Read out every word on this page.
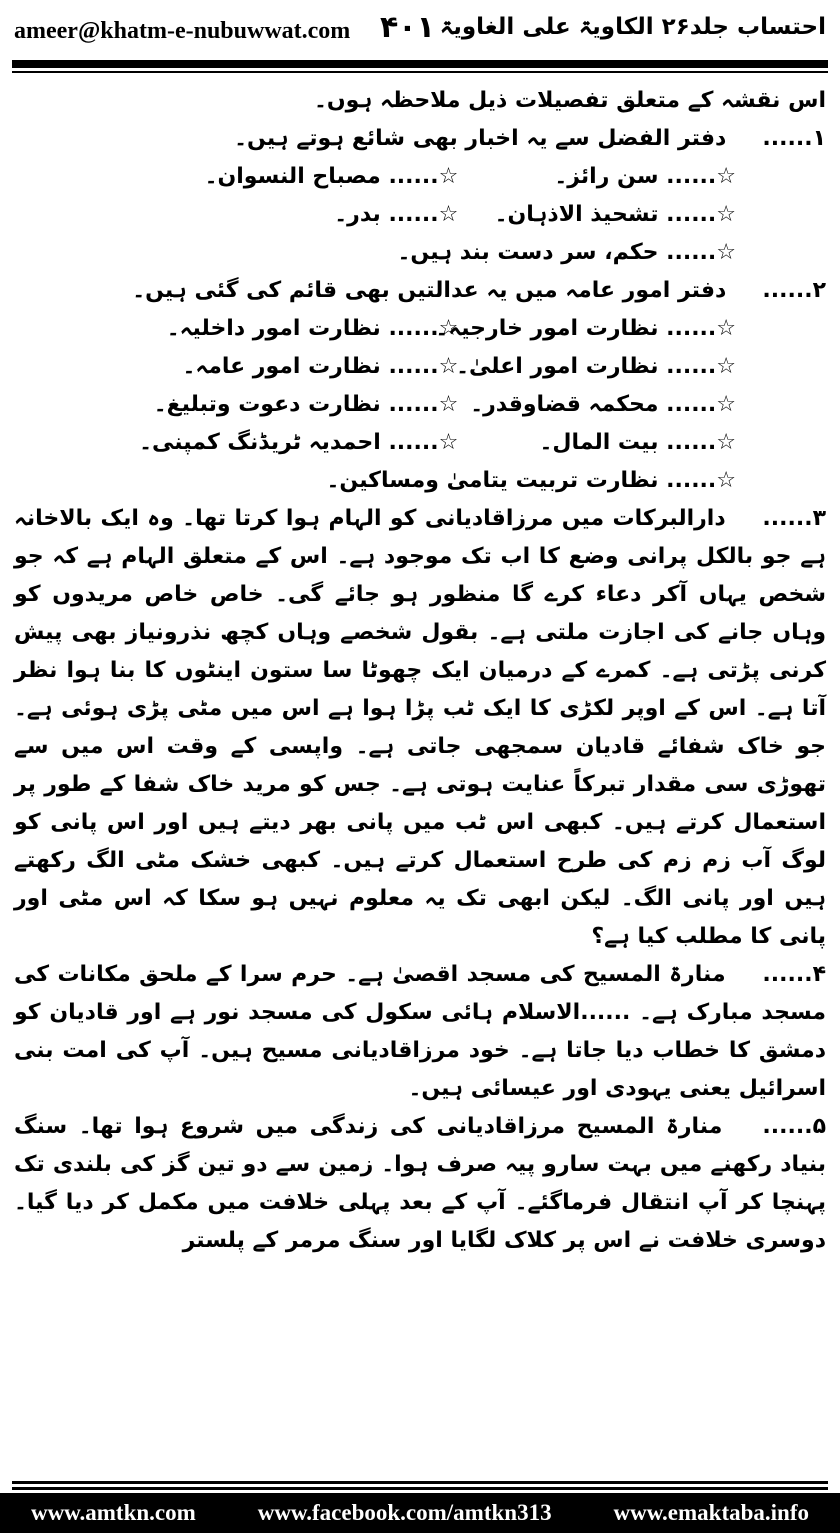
ameer@khatm-e-nubuwwat.com ۴۰۱ احتساب جلد۲۶ الکاویۃ علی الغاویۃ
اس نقشہ کے متعلق تفصیلات ذیل ملاحظہ ہوں۔
۱...... دفتر الفضل سے یہ اخبار بھی شائع ہوتے ہیں۔
☆...... سن رائز۔ ☆...... مصباح النسوان۔
☆...... تشحیذ الاذہان۔ ☆...... بدر۔
☆...... حکم، سر دست بند ہیں۔
۲...... دفتر امور عامہ میں یہ عدالتیں بھی قائم کی گئی ہیں۔
☆...... نظارت امور خارجیہ۔ ☆...... نظارت امور داخلیہ۔
☆...... نظارت امور اعلیٰ۔ ☆...... نظارت امور عامہ۔
☆...... محکمہ قضاوقدر۔ ☆...... نظارت دعوت وتبلیغ۔
☆...... بیت المال۔ ☆...... احمدیہ ٹریڈنگ کمپنی۔
☆...... نظارت تربیت یتامیٰ ومساکین۔
۳...... دارالبرکات میں مرزاقادیانی کو الہام ہوا کرتا تھا۔ وہ ایک بالاخانہ ہے جو بالکل پرانی وضع کا اب تک موجود ہے۔ اس کے متعلق الہام ہے کہ جو شخص یہاں آکر دعاء کرے گا منظور ہو جائے گی۔ خاص خاص مریدوں کو وہاں جانے کی اجازت ملتی ہے۔ بقول شخصے وہاں کچھ نذرونیاز بھی پیش کرنی پڑتی ہے۔ کمرے کے درمیان ایک چھوٹا سا ستون اینٹوں کا بنا ہوا نظر آتا ہے۔ اس کے اوپر لکڑی کا ایک ٹب پڑا ہوا ہے اس میں مٹی پڑی ہوئی ہے۔ جو خاک شفائے قادیان سمجھی جاتی ہے۔ واپسی کے وقت اس میں سے تھوڑی سی مقدار تبرکاً عنایت ہوتی ہے۔ جس کو مرید خاک شفا کے طور پر استعمال کرتے ہیں۔ کبھی اس ٹب میں پانی بھر دیتے ہیں اور اس پانی کو لوگ آب زم زم کی طرح استعمال کرتے ہیں۔ کبھی خشک مٹی الگ رکھتے ہیں اور پانی الگ۔ لیکن ابھی تک یہ معلوم نہیں ہو سکا کہ اس مٹی اور پانی کا مطلب کیا ہے؟
۴...... منارۃ المسیح کی مسجد اقصیٰ ہے۔ حرم سرا کے ملحق مکانات کی مسجد مبارک ہے۔ ......الاسلام ہائی سکول کی مسجد نور ہے اور قادیان کو دمشق کا خطاب دیا جاتا ہے۔ خود مرزاقادیانی مسیح ہیں۔ آپ کی امت بنی اسرائیل یعنی یہودی اور عیسائی ہیں۔
۵...... منارۃ المسیح مرزاقادیانی کی زندگی میں شروع ہوا تھا۔ سنگ بنیاد رکھنے میں بہت سارو پیہ صرف ہوا۔ زمین سے دو تین گز کی بلندی تک پہنچا کر آپ انتقال فرماگئے۔ آپ کے بعد پہلی خلافت میں مکمل کر دیا گیا۔ دوسری خلافت نے اس پر کلاک لگایا اور سنگ مرمر کے پلستر
www.amtkn.com	www.facebook.com/amtkn313	www.emaktaba.info
